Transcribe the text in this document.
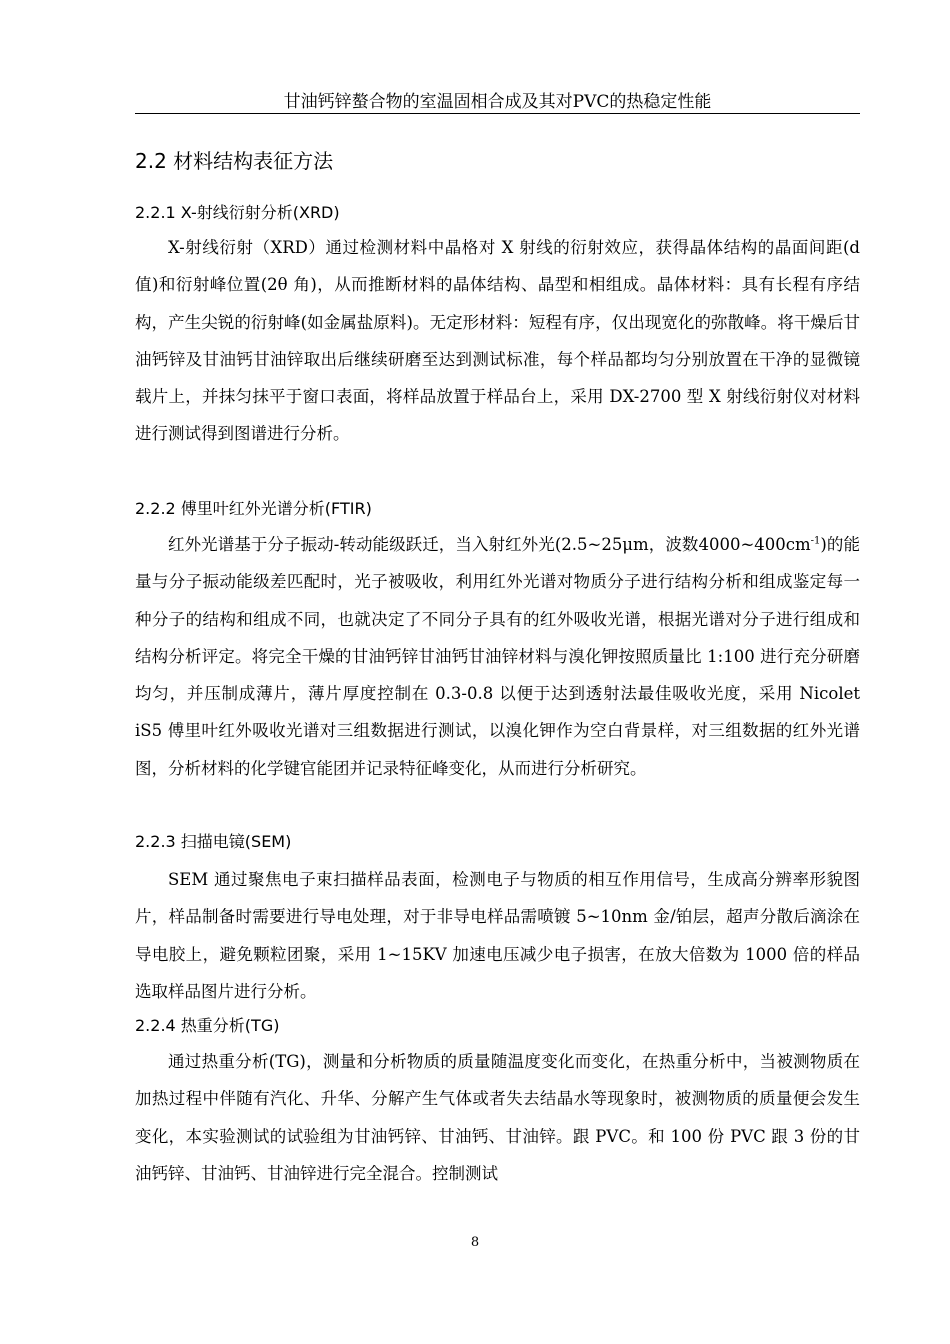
甘油钙锌螯合物的室温固相合成及其对PVC的热稳定性能
2.2 材料结构表征方法
2.2.1 X-射线衍射分析(XRD)

X-射线衍射（XRD）通过检测材料中晶格对 X 射线的衍射效应，获得晶体结构的晶面间距(d 值)和衍射峰位置(2θ 角)，从而推断材料的晶体结构、晶型和相组成。晶体材料：具有长程有序结构，产生尖锐的衍射峰(如金属盐原料)。无定形材料：短程有序，仅出现宽化的弥散峰。将干燥后甘油钙锌及甘油钙甘油锌取出后继续研磨至达到测试标准，每个样品都均匀分别放置在干净的显微镜载片上，并抹匀抹平于窗口表面，将样品放置于样品台上，采用 DX-2700 型 X 射线衍射仪对材料进行测试得到图谱进行分析。

2.2.2 傅里叶红外光谱分析(FTIR)

红外光谱基于分子振动-转动能级跃迁，当入射红外光(2.5~25μm，波数$4000\sim 400cm^{-1}$)的能量与分子振动能级差匹配时，光子被吸收，利用红外光谱对物质分子进行结构分析和组成鉴定每一种分子的结构和组成不同，也就决定了不同分子具有的红外吸收光谱，根据光谱对分子进行组成和结构分析评定。将完全干燥的甘油钙锌甘油钙甘油锌材料与溴化钾按照质量比 1:100 进行充分研磨均匀，并压制成薄片，薄片厚度控制在 0.3-0.8 以便于达到透射法最佳吸收光度，采用 Nicolet iS5 傅里叶红外吸收光谱对三组数据进行测试，以溴化钾作为空白背景样，对三组数据的红外光谱图，分析材料的化学键官能团并记录特征峰变化，从而进行分析研究。

2.2.3 扫描电镜(SEM)

SEM 通过聚焦电子束扫描样品表面，检测电子与物质的相互作用信号，生成高分辨率形貌图片，样品制备时需要进行导电处理，对于非导电样品需喷镀 5~10nm 金/铂层，超声分散后滴涂在导电胶上，避免颗粒团聚，采用 1~15KV 加速电压减少电子损害，在放大倍数为 1000 倍的样品选取样品图片进行分析。

2.2.4 热重分析(TG)

通过热重分析(TG)，测量和分析物质的质量随温度变化而变化，在热重分析中，当被测物质在加热过程中伴随有汽化、升华、分解产生气体或者失去结晶水等现象时，被测物质的质量便会发生变化，本实验测试的试验组为甘油钙锌、甘油钙、甘油锌。跟 PVC。和 100 份 PVC 跟 3 份的甘油钙锌、甘油钙、甘油锌进行完全混合。控制测试

8
